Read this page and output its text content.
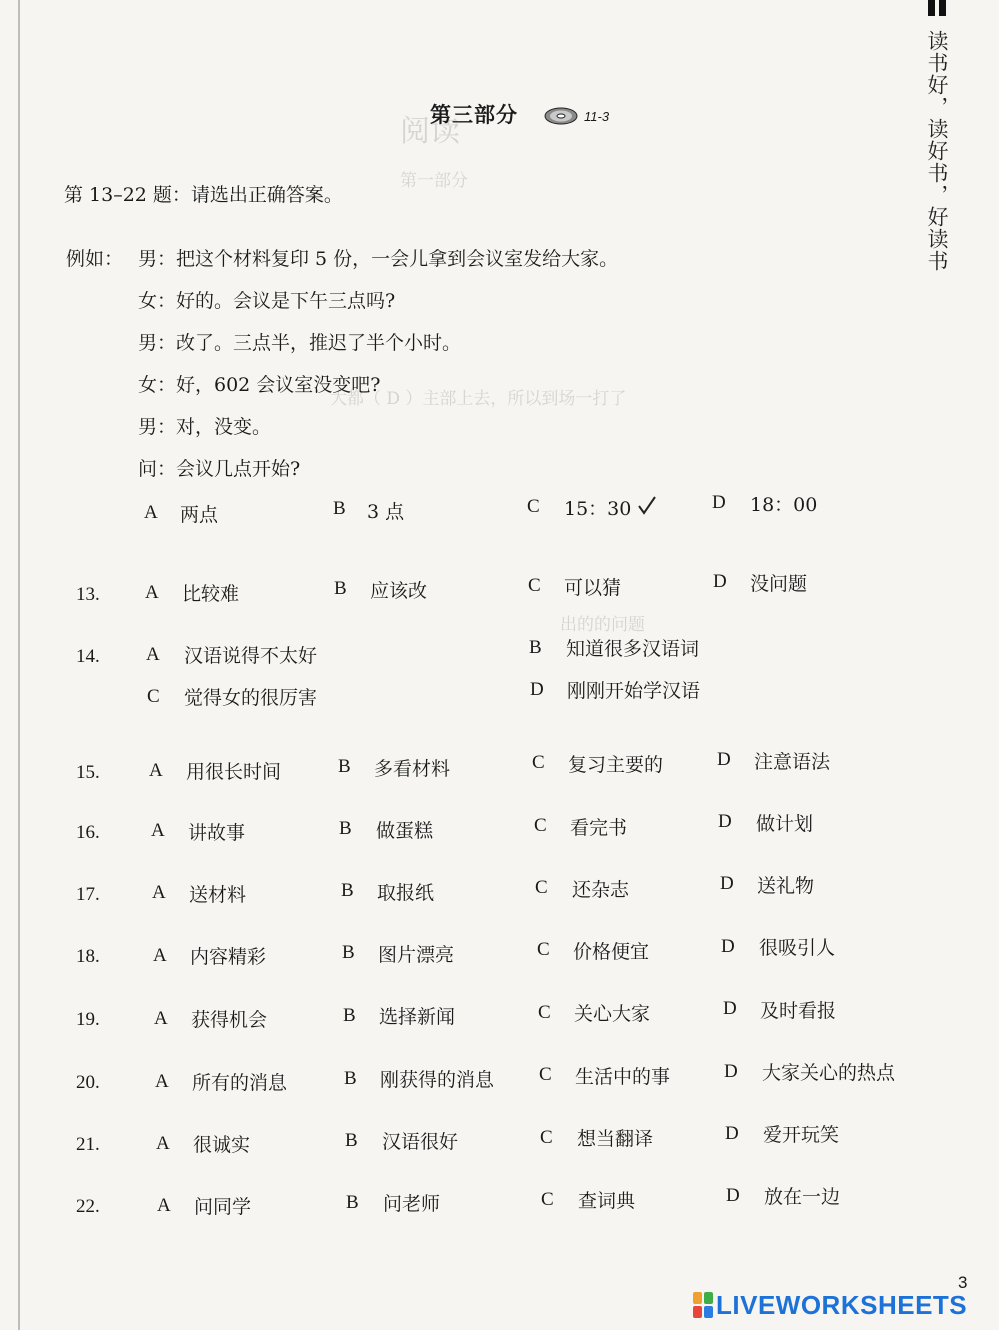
阅读
第一部分
大都（ D ）主部上去，所以到场一打了
出的的问题
读书好，读好书，好读书
第三部分	11-3
第 13–22 题：请选出正确答案。
例如： 男：把这个材料复印 5 份，一会儿拿到会议室发给大家。
女：好的。会议是下午三点吗?
男：改了。三点半，推迟了半个小时。
女：好，602 会议室没变吧?
男：对，没变。
问：会议几点开始?
A 两点	B 3 点	C 15：30	D 18：00
13. A 比较难	B 应该改	C 可以猜	D 没问题
14. A 汉语说得不太好	B 知道很多汉语词
C 觉得女的很厉害	D 刚刚开始学汉语
15.	A 用很长时间	B 多看材料	C 复习主要的	D 注意语法
16.	A 讲故事	B 做蛋糕	C 看完书	D 做计划
17.	A 送材料	B 取报纸	C 还杂志	D 送礼物
18.	A 内容精彩	B 图片漂亮	C 价格便宜	D 很吸引人
19.	A 获得机会	B 选择新闻	C 关心大家	D 及时看报
20.	A 所有的消息	B 刚获得的消息 C 生活中的事	D 大家关心的热点
21.	A 很诚实	B 汉语很好	C 想当翻译	D 爱开玩笑
22.	A 问同学	B 问老师	C 查词典	D 放在一边
3
LIVEWORKSHEETS
